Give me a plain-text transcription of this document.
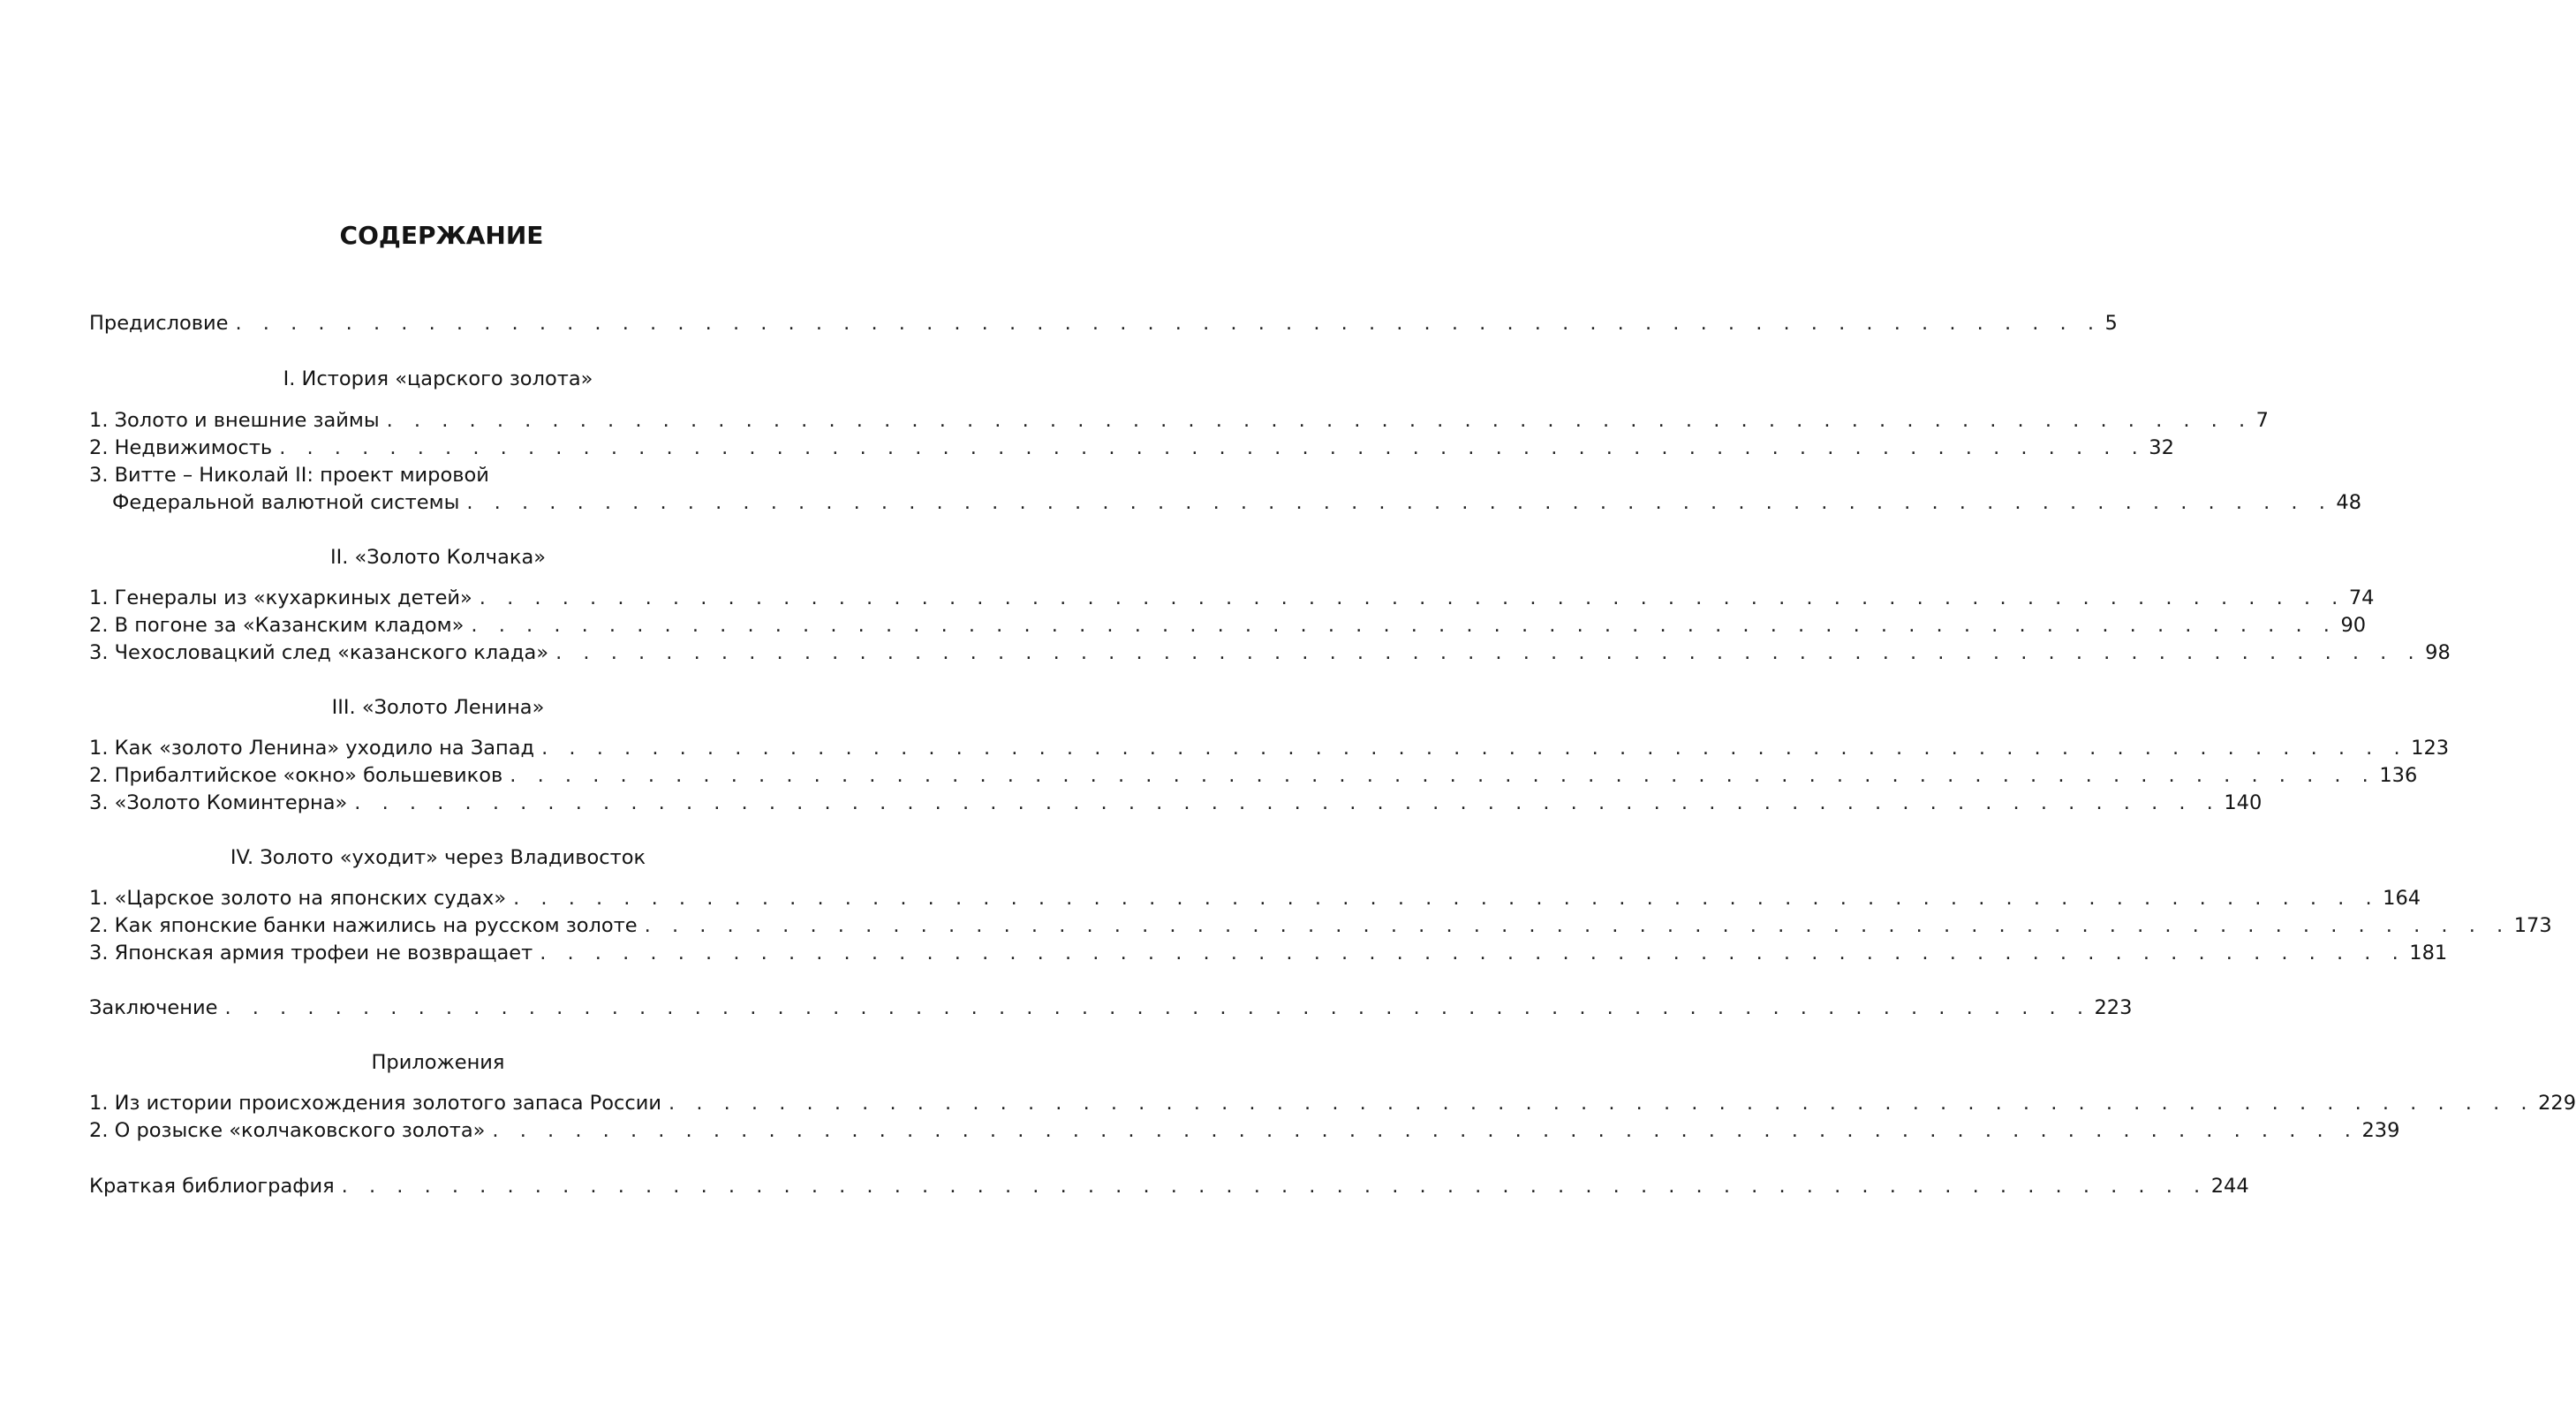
СОДЕРЖАНИЕ
Предисловие . . . . . . . . . . . . . . . . . . . . . . . . . . . . . . . . . . . . . . . . . . . . . . . . . . . . . . . . . . . . . . . . . . . . 5
I. История «царского золота»
1. Золото и внешние займы . . . . . . . . . . . . . . . . . . . . . . . . . . . . . . . . . . . . . . . . . . . . . . . . . . . . . . . . . . . . . . . . . . . . 7
2. Недвижимость . . . . . . . . . . . . . . . . . . . . . . . . . . . . . . . . . . . . . . . . . . . . . . . . . . . . . . . . . . . . . . . . . . . . 32
3. Витте – Николай II: проект мировой
Федеральной валютной системы . . . . . . . . . . . . . . . . . . . . . . . . . . . . . . . . . . . . . . . . . . . . . . . . . . . . . . . . . . . . . . . . . . . . 48
II. «Золото Колчака»
1. Генералы из «кухаркиных детей» . . . . . . . . . . . . . . . . . . . . . . . . . . . . . . . . . . . . . . . . . . . . . . . . . . . . . . . . . . . . . . . . . . . . 74
2. В погоне за «Казанским кладом» . . . . . . . . . . . . . . . . . . . . . . . . . . . . . . . . . . . . . . . . . . . . . . . . . . . . . . . . . . . . . . . . . . . . 90
3. Чехословацкий след «казанского клада» . . . . . . . . . . . . . . . . . . . . . . . . . . . . . . . . . . . . . . . . . . . . . . . . . . . . . . . . . . . . . . . . . . . . 98
III. «Золото Ленина»
1. Как «золото Ленина» уходило на Запад . . . . . . . . . . . . . . . . . . . . . . . . . . . . . . . . . . . . . . . . . . . . . . . . . . . . . . . . . . . . . . . . . . . . 123
2. Прибалтийское «окно» большевиков . . . . . . . . . . . . . . . . . . . . . . . . . . . . . . . . . . . . . . . . . . . . . . . . . . . . . . . . . . . . . . . . . . . . 136
3. «Золото Коминтерна» . . . . . . . . . . . . . . . . . . . . . . . . . . . . . . . . . . . . . . . . . . . . . . . . . . . . . . . . . . . . . . . . . . . . 140
IV. Золото «уходит» через Владивосток
1. «Царское золото на японских судах» . . . . . . . . . . . . . . . . . . . . . . . . . . . . . . . . . . . . . . . . . . . . . . . . . . . . . . . . . . . . . . . . . . . . 164
2. Как японские банки нажились на русском золоте . . . . . . . . . . . . . . . . . . . . . . . . . . . . . . . . . . . . . . . . . . . . . . . . . . . . . . . . . . . . . . . . . . . . 173
3. Японская армия трофеи не возвращает . . . . . . . . . . . . . . . . . . . . . . . . . . . . . . . . . . . . . . . . . . . . . . . . . . . . . . . . . . . . . . . . . . . . 181
Заключение . . . . . . . . . . . . . . . . . . . . . . . . . . . . . . . . . . . . . . . . . . . . . . . . . . . . . . . . . . . . . . . . . . . . 223
Приложения
1. Из истории происхождения золотого запаса России . . . . . . . . . . . . . . . . . . . . . . . . . . . . . . . . . . . . . . . . . . . . . . . . . . . . . . . . . . . . . . . . . . . . 229
2. О розыске «колчаковского золота» . . . . . . . . . . . . . . . . . . . . . . . . . . . . . . . . . . . . . . . . . . . . . . . . . . . . . . . . . . . . . . . . . . . . 239
Краткая библиография . . . . . . . . . . . . . . . . . . . . . . . . . . . . . . . . . . . . . . . . . . . . . . . . . . . . . . . . . . . . . . . . . . . . 244
